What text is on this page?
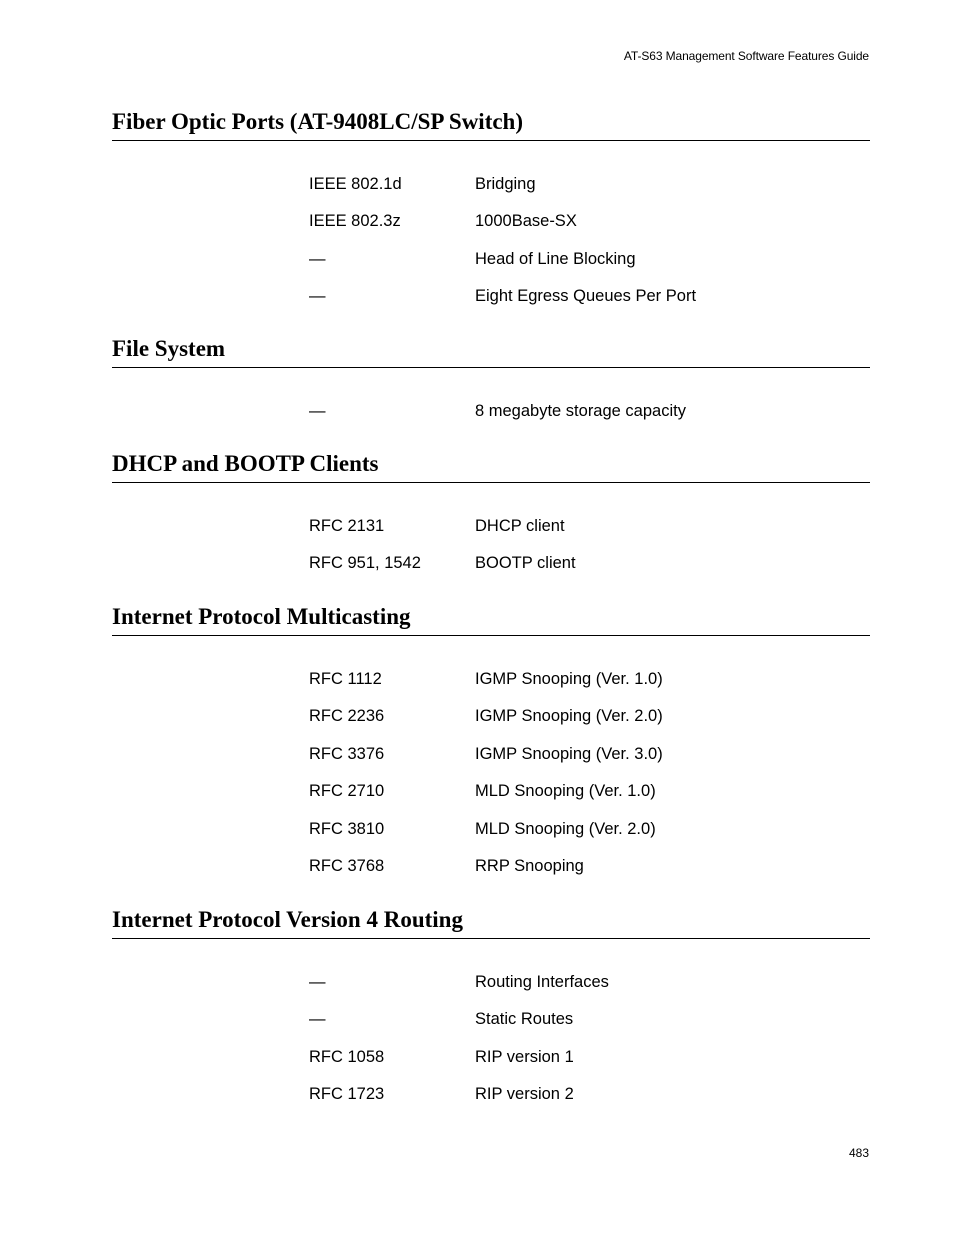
AT-S63 Management Software Features Guide
Fiber Optic Ports (AT-9408LC/SP Switch)
IEEE 802.1d	Bridging
IEEE 802.3z	1000Base-SX
—	Head of Line Blocking
—	Eight Egress Queues Per Port
File System
—	8 megabyte storage capacity
DHCP and BOOTP Clients
RFC 2131	DHCP client
RFC 951, 1542	BOOTP client
Internet Protocol Multicasting
RFC 1112	IGMP Snooping (Ver. 1.0)
RFC 2236	IGMP Snooping (Ver. 2.0)
RFC 3376	IGMP Snooping (Ver. 3.0)
RFC 2710	MLD Snooping (Ver. 1.0)
RFC 3810	MLD Snooping (Ver. 2.0)
RFC 3768	RRP Snooping
Internet Protocol Version 4 Routing
—	Routing Interfaces
—	Static Routes
RFC 1058	RIP version 1
RFC 1723	RIP version 2
483
